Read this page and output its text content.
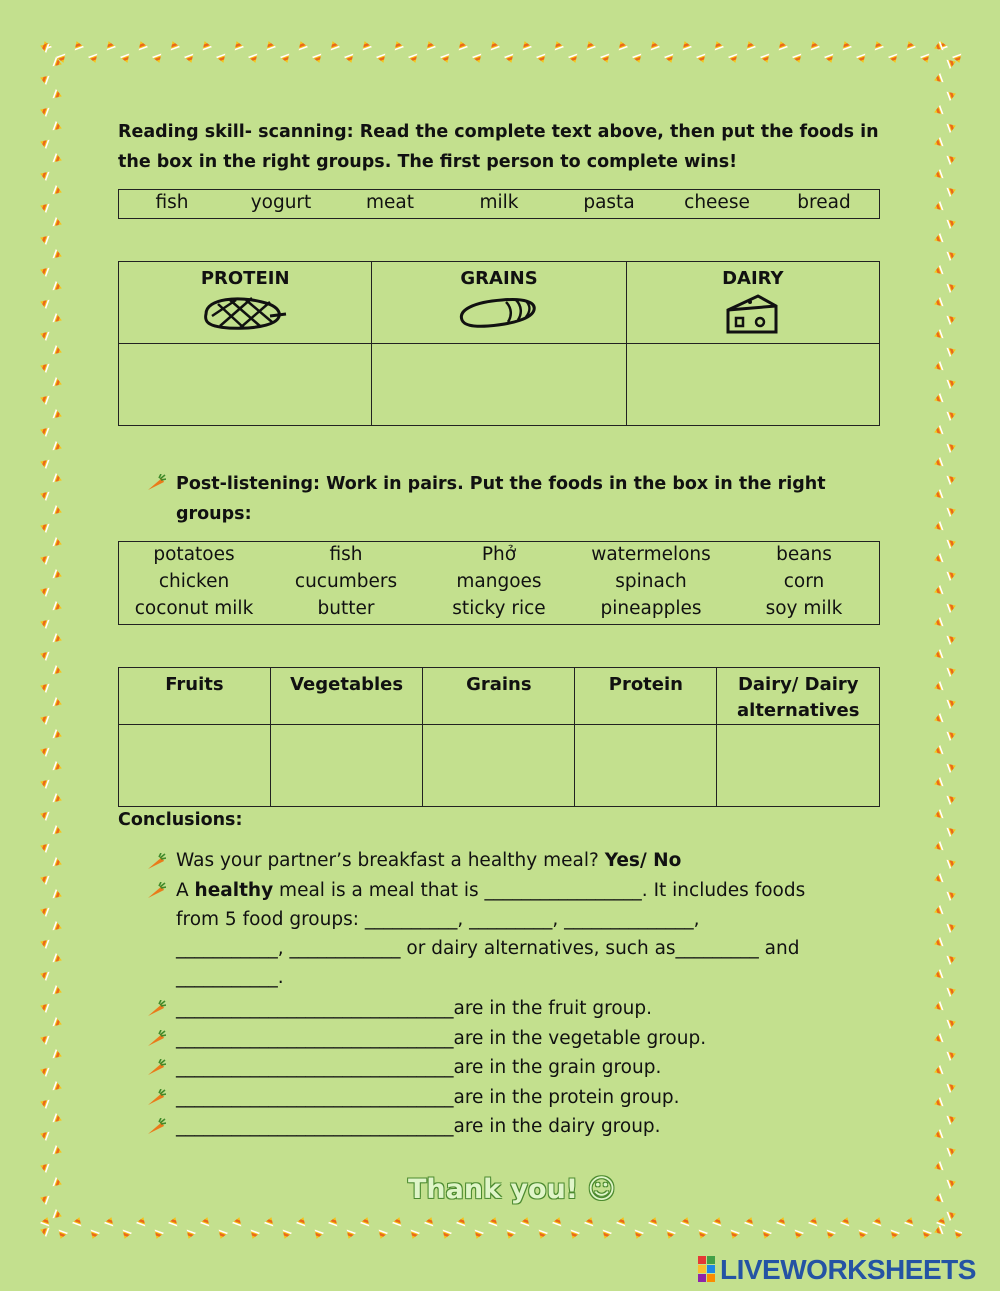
Reading skill- scanning: Read the complete text above, then put the foods in
the box in the right groups. The first person to complete wins!
fish	yogurt	meat	milk	pasta	cheese	bread
PROTEIN	GRAINS	DAIRY

Post-listening: Work in pairs. Put the foods in the box in the right
groups:
potatoes	fish	Phở	watermelons	beans
chicken	cucumbers	mangoes	spinach	corn
coconut milk	butter	sticky rice	pineapples	soy milk
Fruits	Vegetables	Grains	Protein	Dairy/ Dairy
alternatives

Conclusions:
Was your partner’s breakfast a healthy meal? Yes/ No
A healthy meal is a meal that is _________________. It includes foods
from 5 food groups: __________, _________, ______________,
___________, ____________ or dairy alternatives, such as_________ and
___________.
______________________________are in the fruit group.
______________________________are in the vegetable group.
______________________________are in the grain group.
______________________________are in the protein group.
______________________________are in the dairy group.
Thank you! ☺
LIVEWORKSHEETS
